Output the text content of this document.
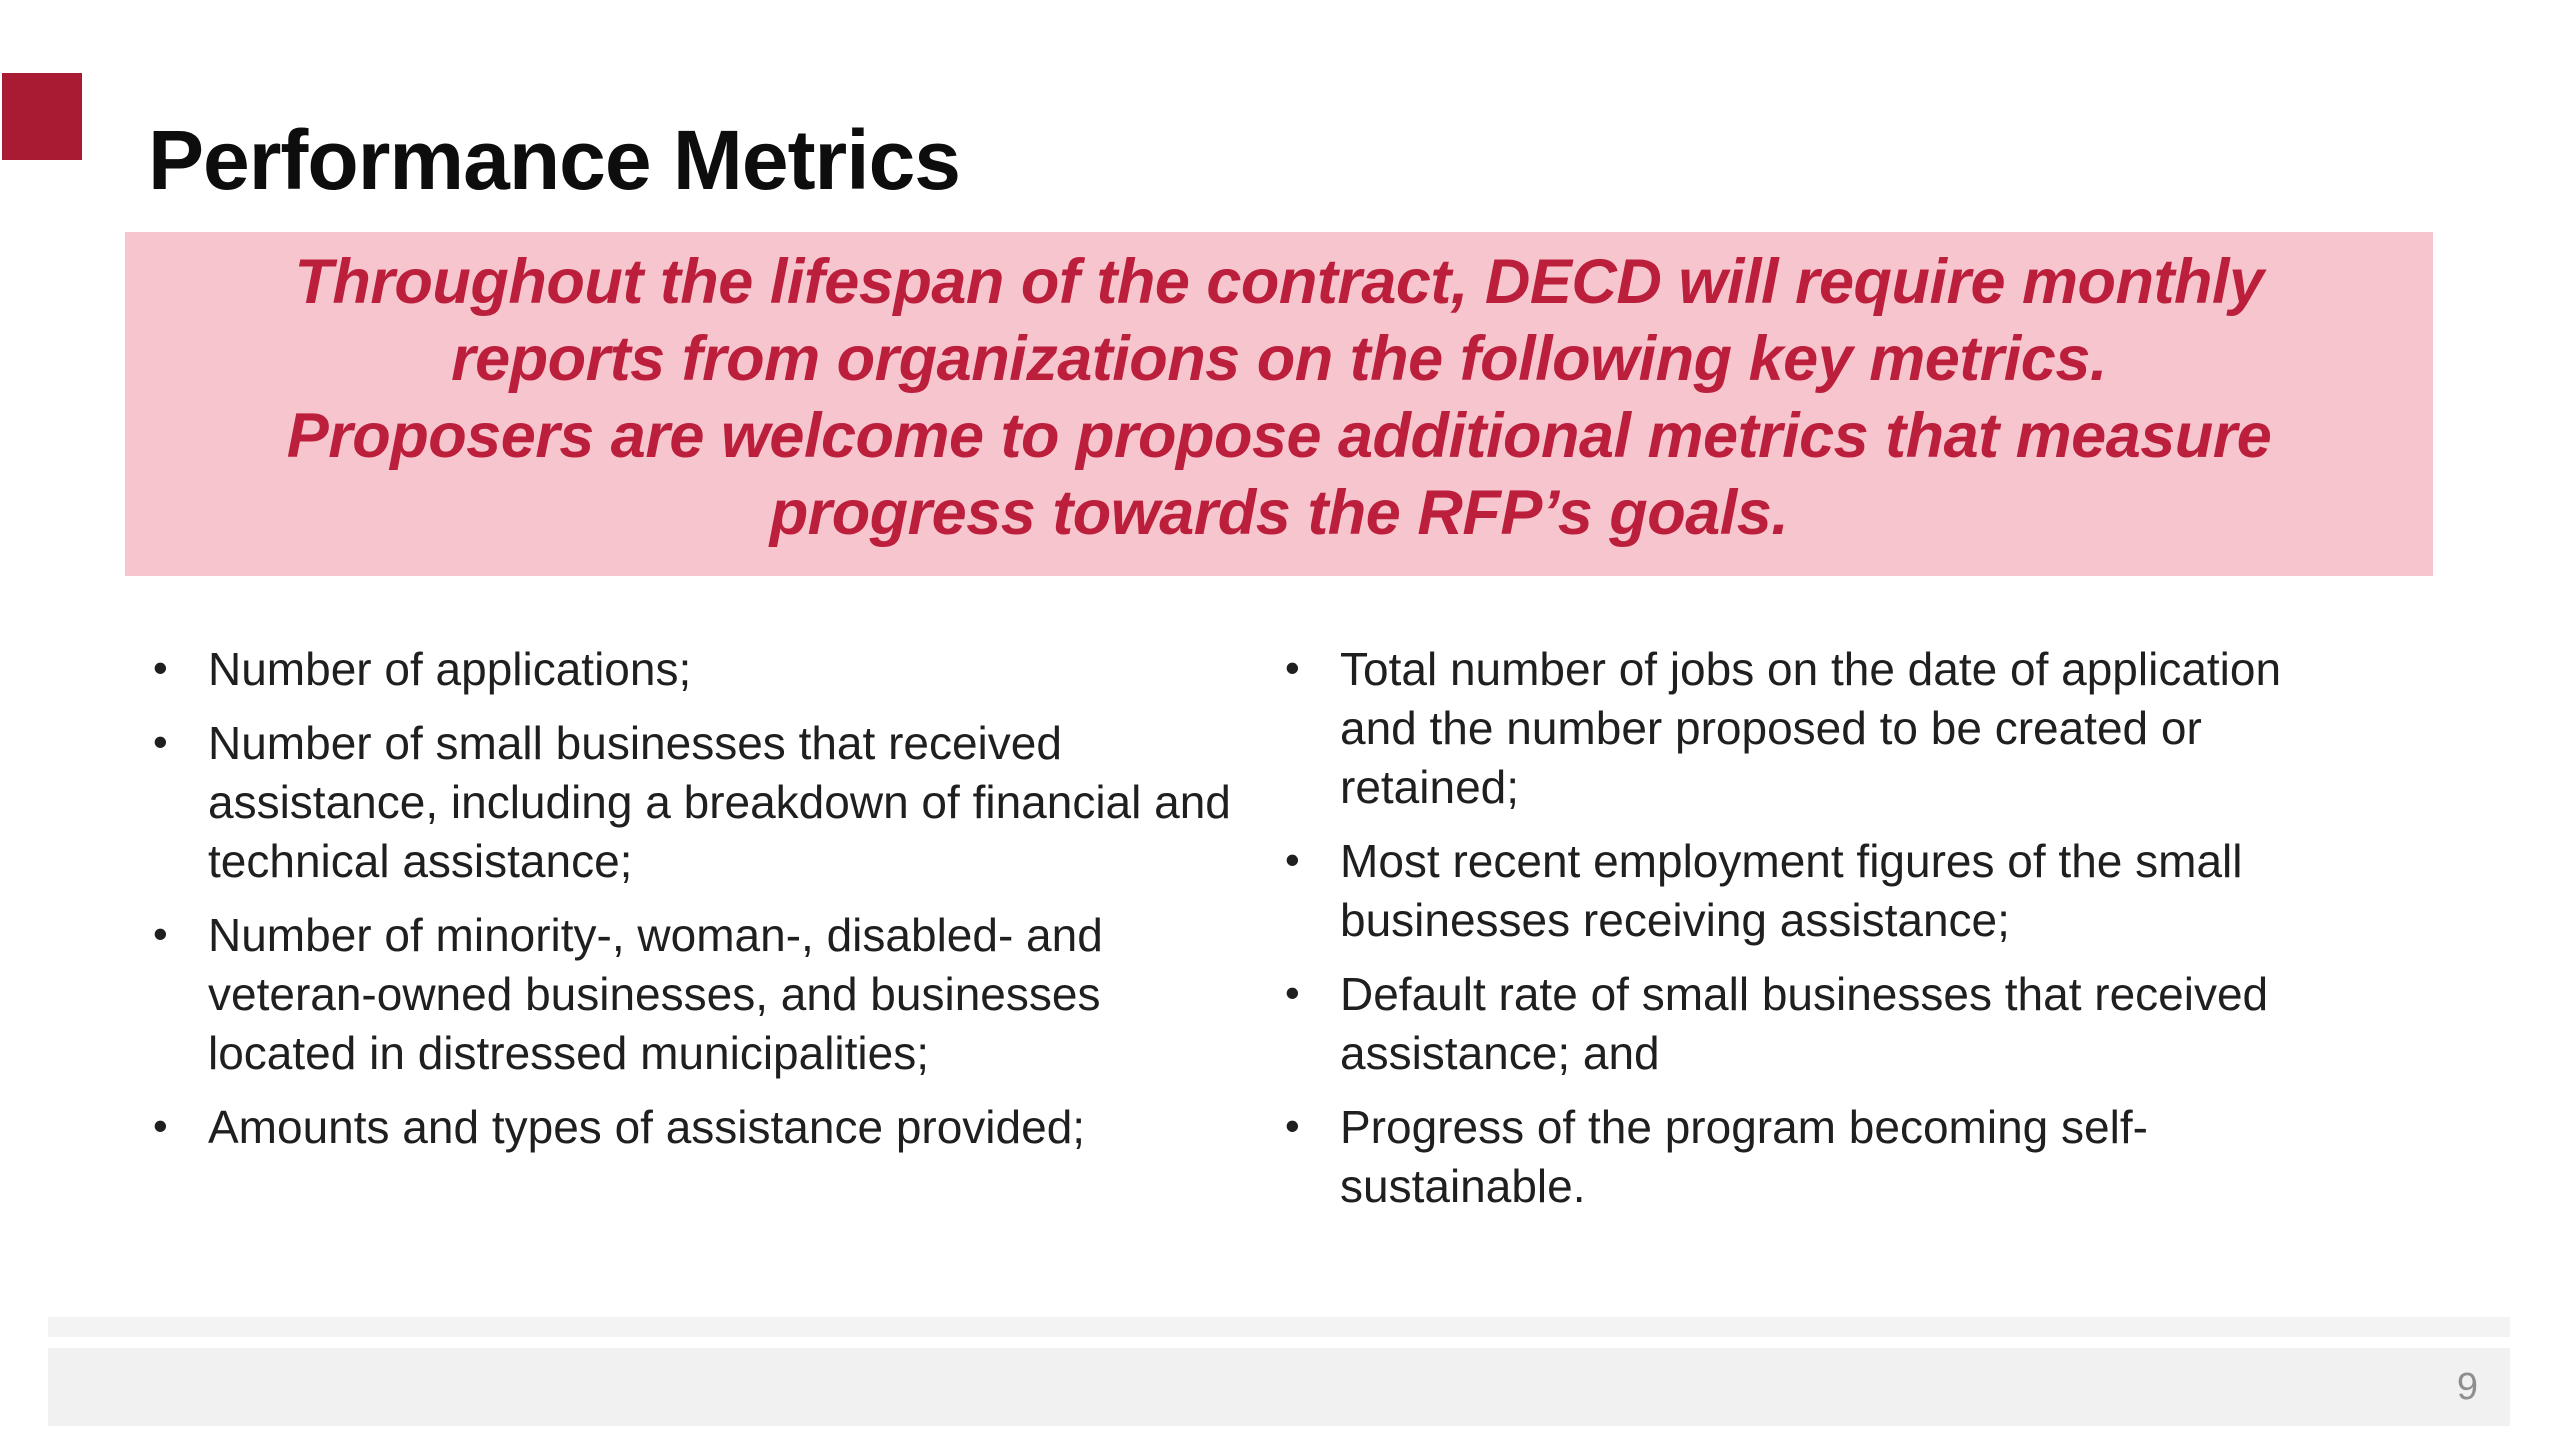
Performance Metrics
Throughout the lifespan of the contract, DECD will require monthly
reports from organizations on the following key metrics.
Proposers are welcome to propose additional metrics that measure
progress towards the RFP’s goals.
• Number of applications;
• Number of small businesses that received
assistance, including a breakdown of financial and
technical assistance;
• Number of minority-, woman-, disabled- and
veteran-owned businesses, and businesses
located in distressed municipalities;
• Amounts and types of assistance provided;
• Total number of jobs on the date of application
and the number proposed to be created or
retained;
• Most recent employment figures of the small
businesses receiving assistance;
• Default rate of small businesses that received
assistance; and
• Progress of the program becoming self-
sustainable.
9
